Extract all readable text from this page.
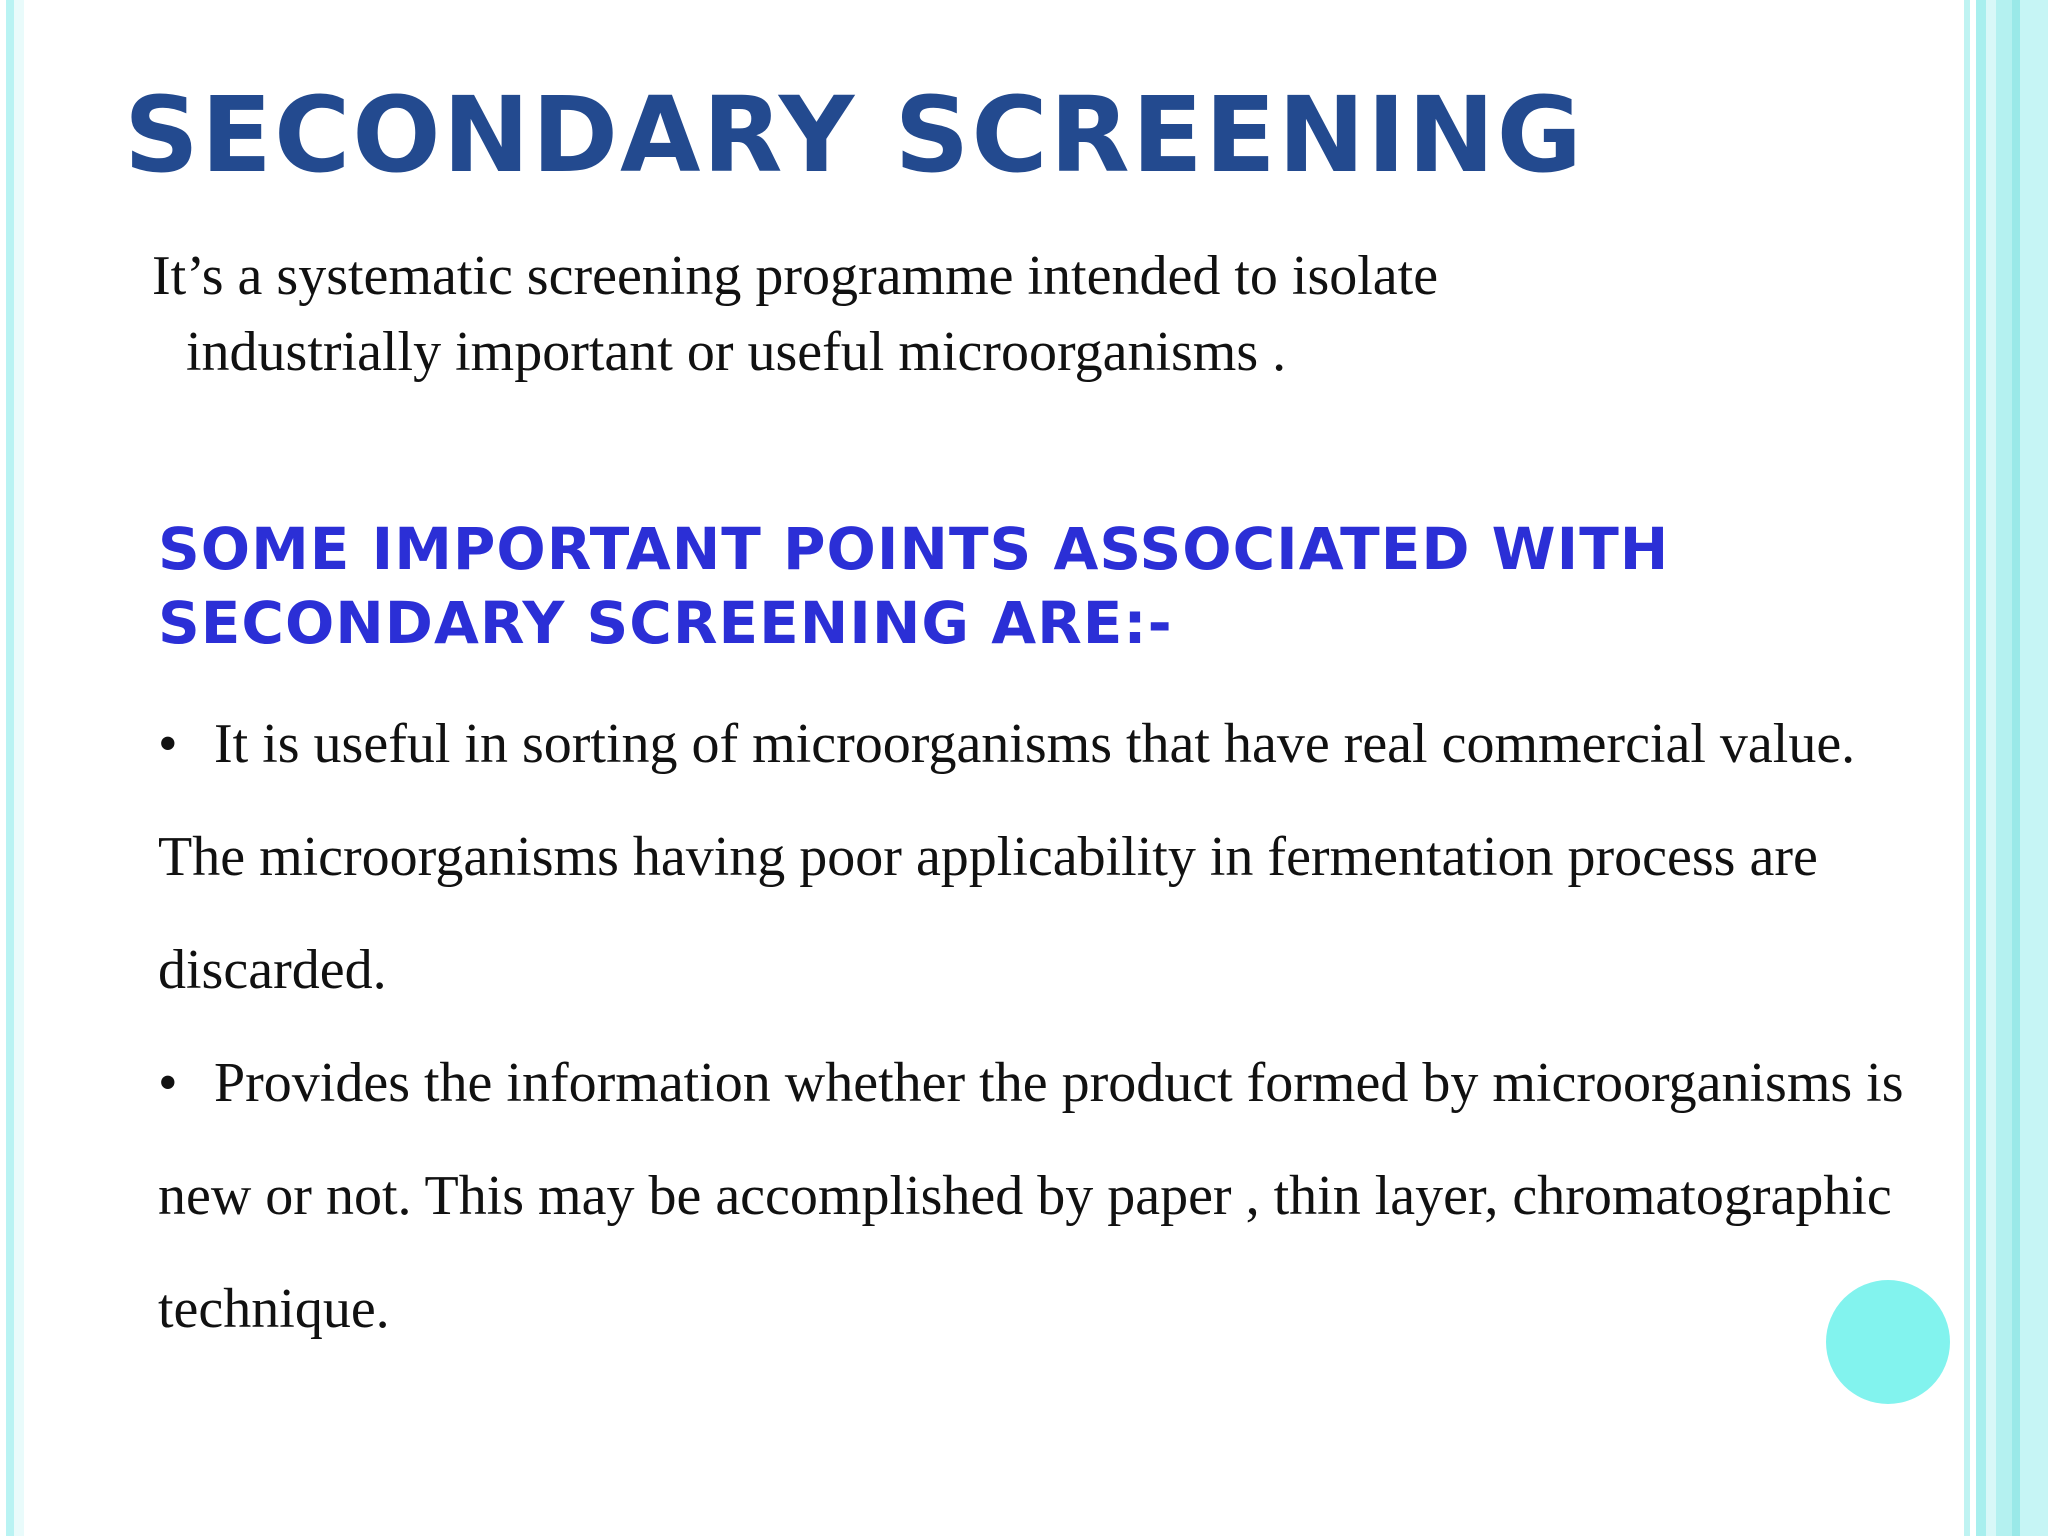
SECONDARY SCREENING

It’s a systematic screening programme intended to isolate
industrially important or useful microorganisms .

SOME IMPORTANT POINTS ASSOCIATED WITH SECONDARY SCREENING ARE:-
• It is useful in sorting of microorganisms that have real commercial value. The microorganisms having poor applicability in fermentation process are discarded.
• Provides the information whether the product formed by microorganisms is new or not. This may be accomplished by paper , thin layer, chromatographic technique.
